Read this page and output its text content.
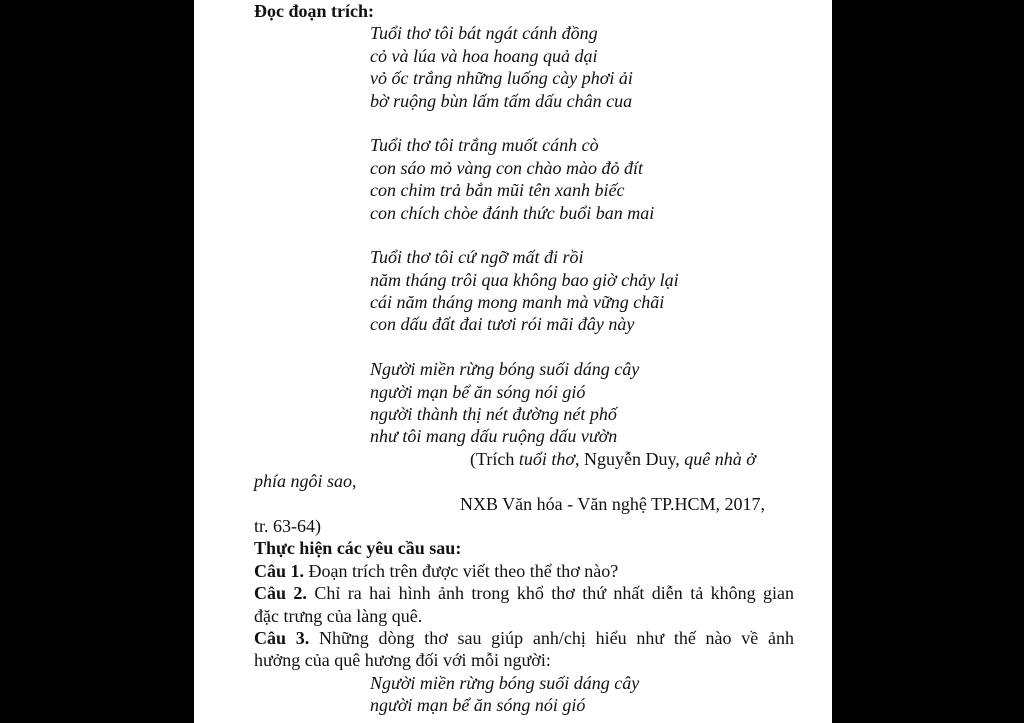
Đọc đoạn trích:
Tuổi thơ tôi bát ngát cánh đồng
cỏ và lúa và hoa hoang quả dại
vỏ ốc trắng những luống cày phơi ải
bờ ruộng bùn lấm tấm dấu chân cua
Tuổi thơ tôi trắng muốt cánh cò
con sáo mỏ vàng con chào mào đỏ đít
con chim trả bắn mũi tên xanh biếc
con chích chòe đánh thức buổi ban mai
Tuổi thơ tôi cứ ngỡ mất đi rồi
năm tháng trôi qua không bao giờ chảy lại
cái năm tháng mong manh mà vững chãi
con dấu đất đai tươi rói mãi đây này
Người miền rừng bóng suối dáng cây
người mạn bể ăn sóng nói gió
người thành thị nét đường nét phố
như tôi mang dấu ruộng dấu vườn
(Trích tuổi thơ, Nguyễn Duy, quê nhà ở
phía ngôi sao,
NXB Văn hóa - Văn nghệ TP.HCM, 2017,
tr. 63-64)
Thực hiện các yêu cầu sau:
Câu 1. Đoạn trích trên được viết theo thể thơ nào?
Câu 2. Chỉ ra hai hình ảnh trong khổ thơ thứ nhất diễn tả không gian
đặc trưng của làng quê.
Câu 3. Những dòng thơ sau giúp anh/chị hiểu như thế nào về ảnh
hưởng của quê hương đối với mỗi người:
Người miền rừng bóng suối dáng cây
người mạn bể ăn sóng nói gió
